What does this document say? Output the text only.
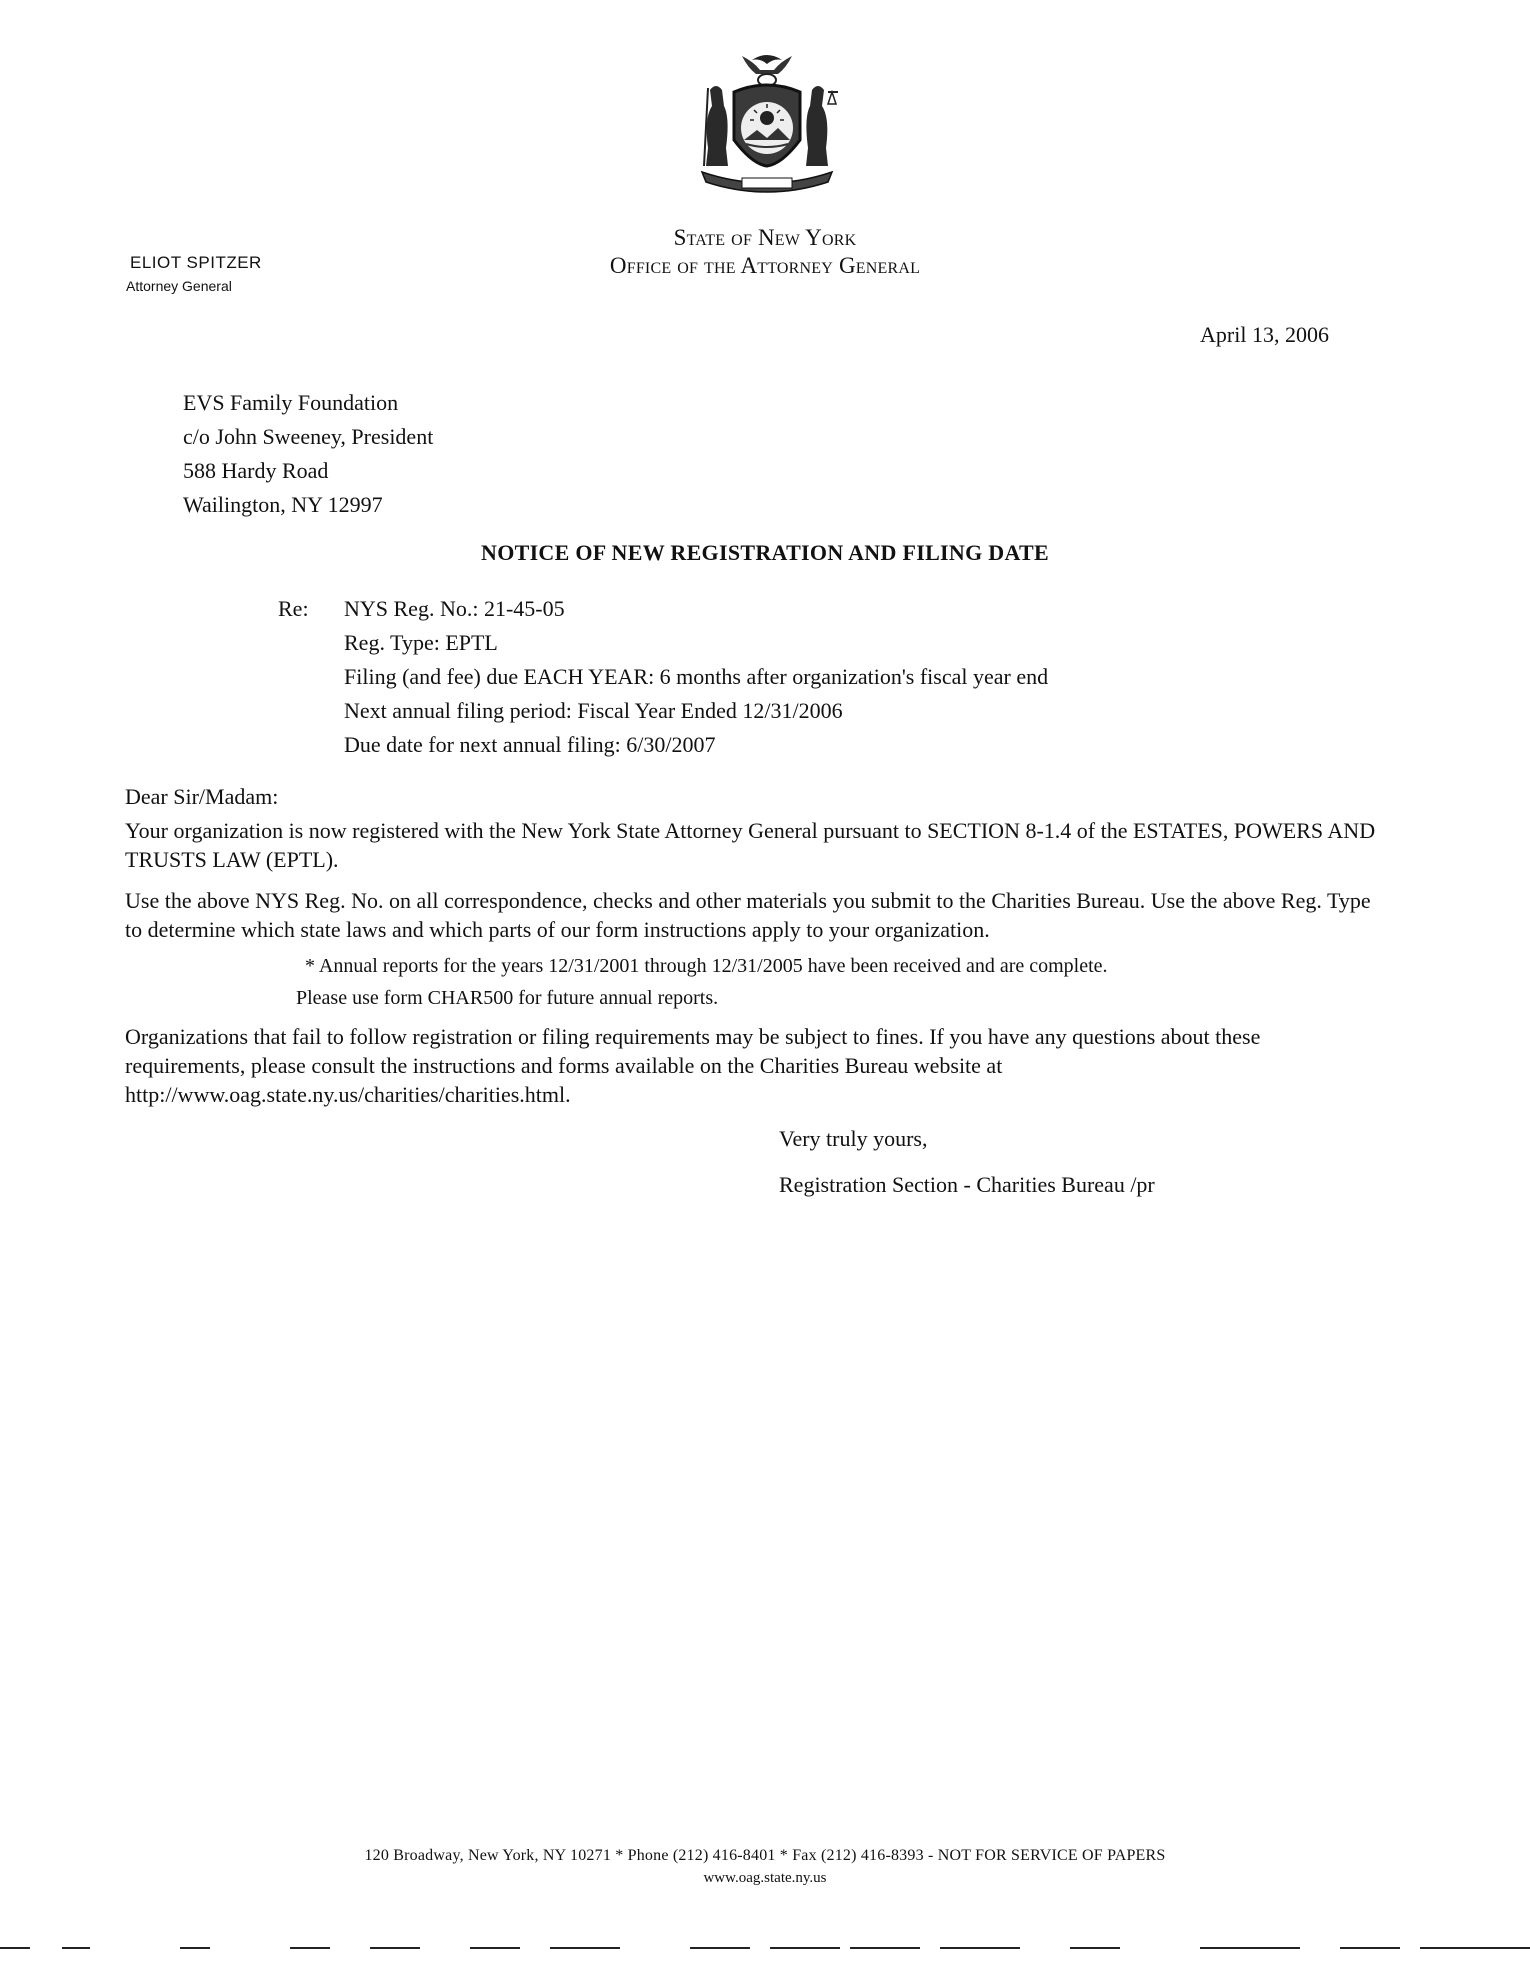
State of New York
Office of the Attorney General
ELIOT SPITZER
Attorney General
April 13, 2006
EVS Family Foundation
c/o John Sweeney, President
588 Hardy Road
Wailington, NY 12997
NOTICE OF NEW REGISTRATION AND FILING DATE
Re: NYS Reg. No.: 21-45-05
Reg. Type: EPTL
Filing (and fee) due EACH YEAR: 6 months after organization's fiscal year end
Next annual filing period: Fiscal Year Ended 12/31/2006
Due date for next annual filing: 6/30/2007
Dear Sir/Madam:
Your organization is now registered with the New York State Attorney General pursuant to SECTION 8-1.4 of the ESTATES, POWERS AND TRUSTS LAW (EPTL).
Use the above NYS Reg. No. on all correspondence, checks and other materials you submit to the Charities Bureau. Use the above Reg. Type to determine which state laws and which parts of our form instructions apply to your organization.
* Annual reports for the years 12/31/2001 through 12/31/2005 have been received and are complete.
Please use form CHAR500 for future annual reports.
Organizations that fail to follow registration or filing requirements may be subject to fines. If you have any questions about these requirements, please consult the instructions and forms available on the Charities Bureau website at http://www.oag.state.ny.us/charities/charities.html.
Very truly yours,
Registration Section - Charities Bureau /pr
120 Broadway, New York, NY 10271 * Phone (212) 416-8401 * Fax (212) 416-8393 - NOT FOR SERVICE OF PAPERS
www.oag.state.ny.us
